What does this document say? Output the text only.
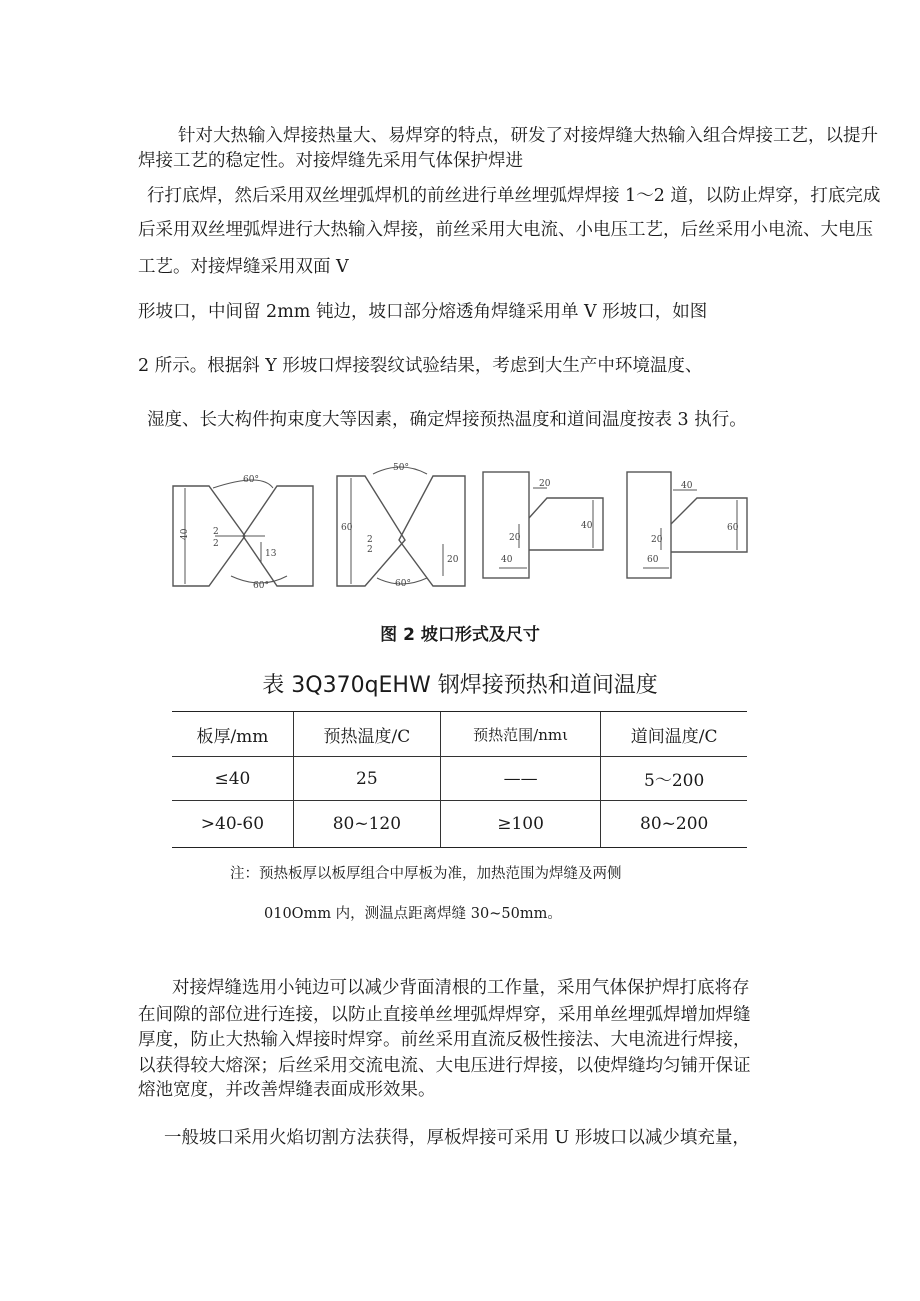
针对大热输入焊接热量大、易焊穿的特点，研发了对接焊缝大热输入组合焊接工艺，以提升
焊接工艺的稳定性。对接焊缝先采用气体保护焊进
行打底焊，然后采用双丝埋弧焊机的前丝进行单丝埋弧焊焊接 1～2 道，以防止焊穿，打底完成
后采用双丝埋弧焊进行大热输入焊接，前丝采用大电流、小电压工艺，后丝采用小电流、大电压
工艺。对接焊缝采用双面 V
形坡口，中间留 2mm 钝边，坡口部分熔透角焊缝采用单 V 形坡口，如图
2 所示。根据斜 Y 形坡口焊接裂纹试验结果，考虑到大生产中环境温度、
湿度、长大构件拘束度大等因素，确定焊接预热温度和道间温度按表 3 执行。
60°
60°
40	2
2
13
50°
60°
60
2
2
20
20
40
40
20
40
60
60
20
图 2 坡口形式及尺寸
表 3Q370qEHW 钢焊接预热和道间温度
板厚/mm	预热温度/C	预热范围/nmι	道间温度/C
≤40	25	——	5～200
>40-60	80~120	≥100	80~200
注：预热板厚以板厚组合中厚板为准，加热范围为焊缝及两侧
010Omm 内，测温点距离焊缝 30~50mm。
对接焊缝选用小钝边可以减少背面清根的工作量，采用气体保护焊打底将存
在间隙的部位进行连接，以防止直接单丝埋弧焊焊穿，采用单丝埋弧焊增加焊缝
厚度，防止大热输入焊接时焊穿。前丝采用直流反极性接法、大电流进行焊接，
以获得较大熔深；后丝采用交流电流、大电压进行焊接，以使焊缝均匀铺开保证
熔池宽度，并改善焊缝表面成形效果。
一般坡口采用火焰切割方法获得，厚板焊接可采用 U 形坡口以减少填充量，
